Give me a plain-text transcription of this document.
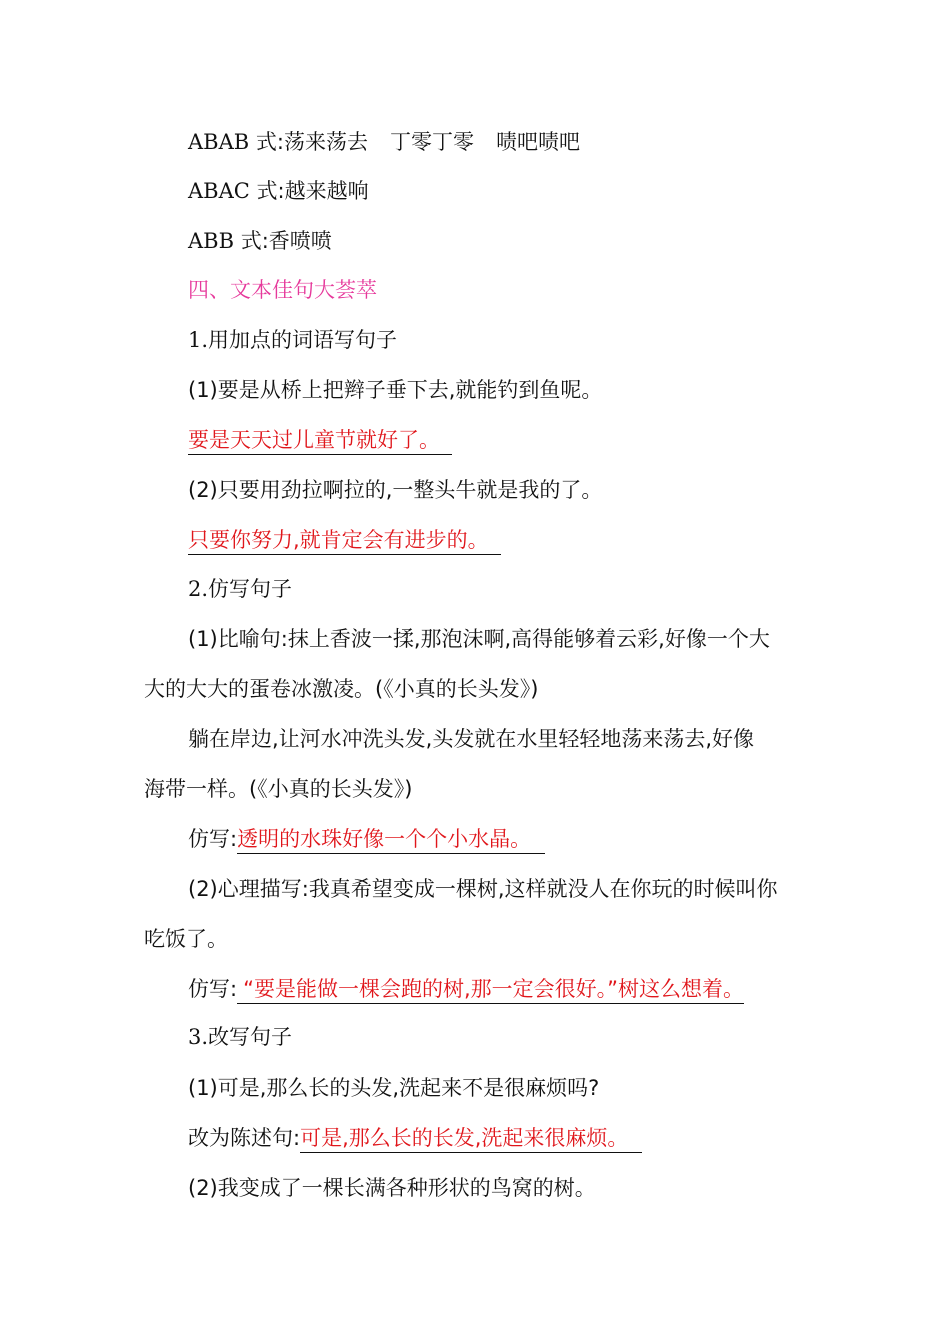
ABAB 式:荡来荡去 丁零丁零 啧吧啧吧
ABAC 式:越来越响
ABB 式:香喷喷
四、文本佳句大荟萃
1.用加点的词语写句子
(1)要是从桥上把辫子垂下去,就能钓到鱼呢。
要是天天过儿童节就好了。
(2)只要用劲拉啊拉的,一整头牛就是我的了。
只要你努力,就肯定会有进步的。
2.仿写句子
(1)比喻句:抹上香波一揉,那泡沫啊,高得能够着云彩,好像一个大
大的大大的蛋卷冰激凌。(《小真的长头发》)
躺在岸边,让河水冲洗头发,头发就在水里轻轻地荡来荡去,好像
海带一样。(《小真的长头发》)
仿写:透明的水珠好像一个个小水晶。
(2)心理描写:我真希望变成一棵树,这样就没人在你玩的时候叫你
吃饭了。
仿写: “要是能做一棵会跑的树,那一定会很好。”树这么想着。
3.改写句子
(1)可是,那么长的头发,洗起来不是很麻烦吗?
改为陈述句:可是,那么长的长发,洗起来很麻烦。
(2)我变成了一棵长满各种形状的鸟窝的树。
